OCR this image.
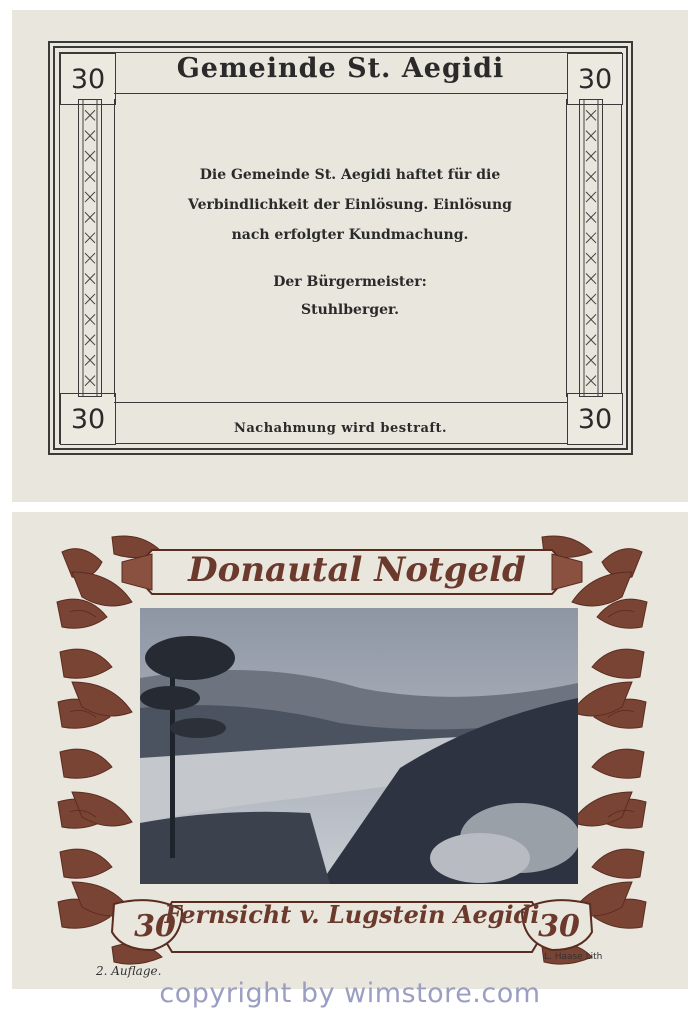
30	30
30	30
Gemeinde St. Aegidi
Nachahmung wird bestraft.
Die Gemeinde St. Aegidi haftet für die
Verbindlichkeit der Einlösung. Einlösung
nach erfolgter Kundmachung.
Der Bürgermeister:
Stuhlberger.
Donautal Notgeld
Fernsicht v. Lugstein Aegidi
30	30
2. Auflage.
L. Haase Lith
copyright by wimstore.com
